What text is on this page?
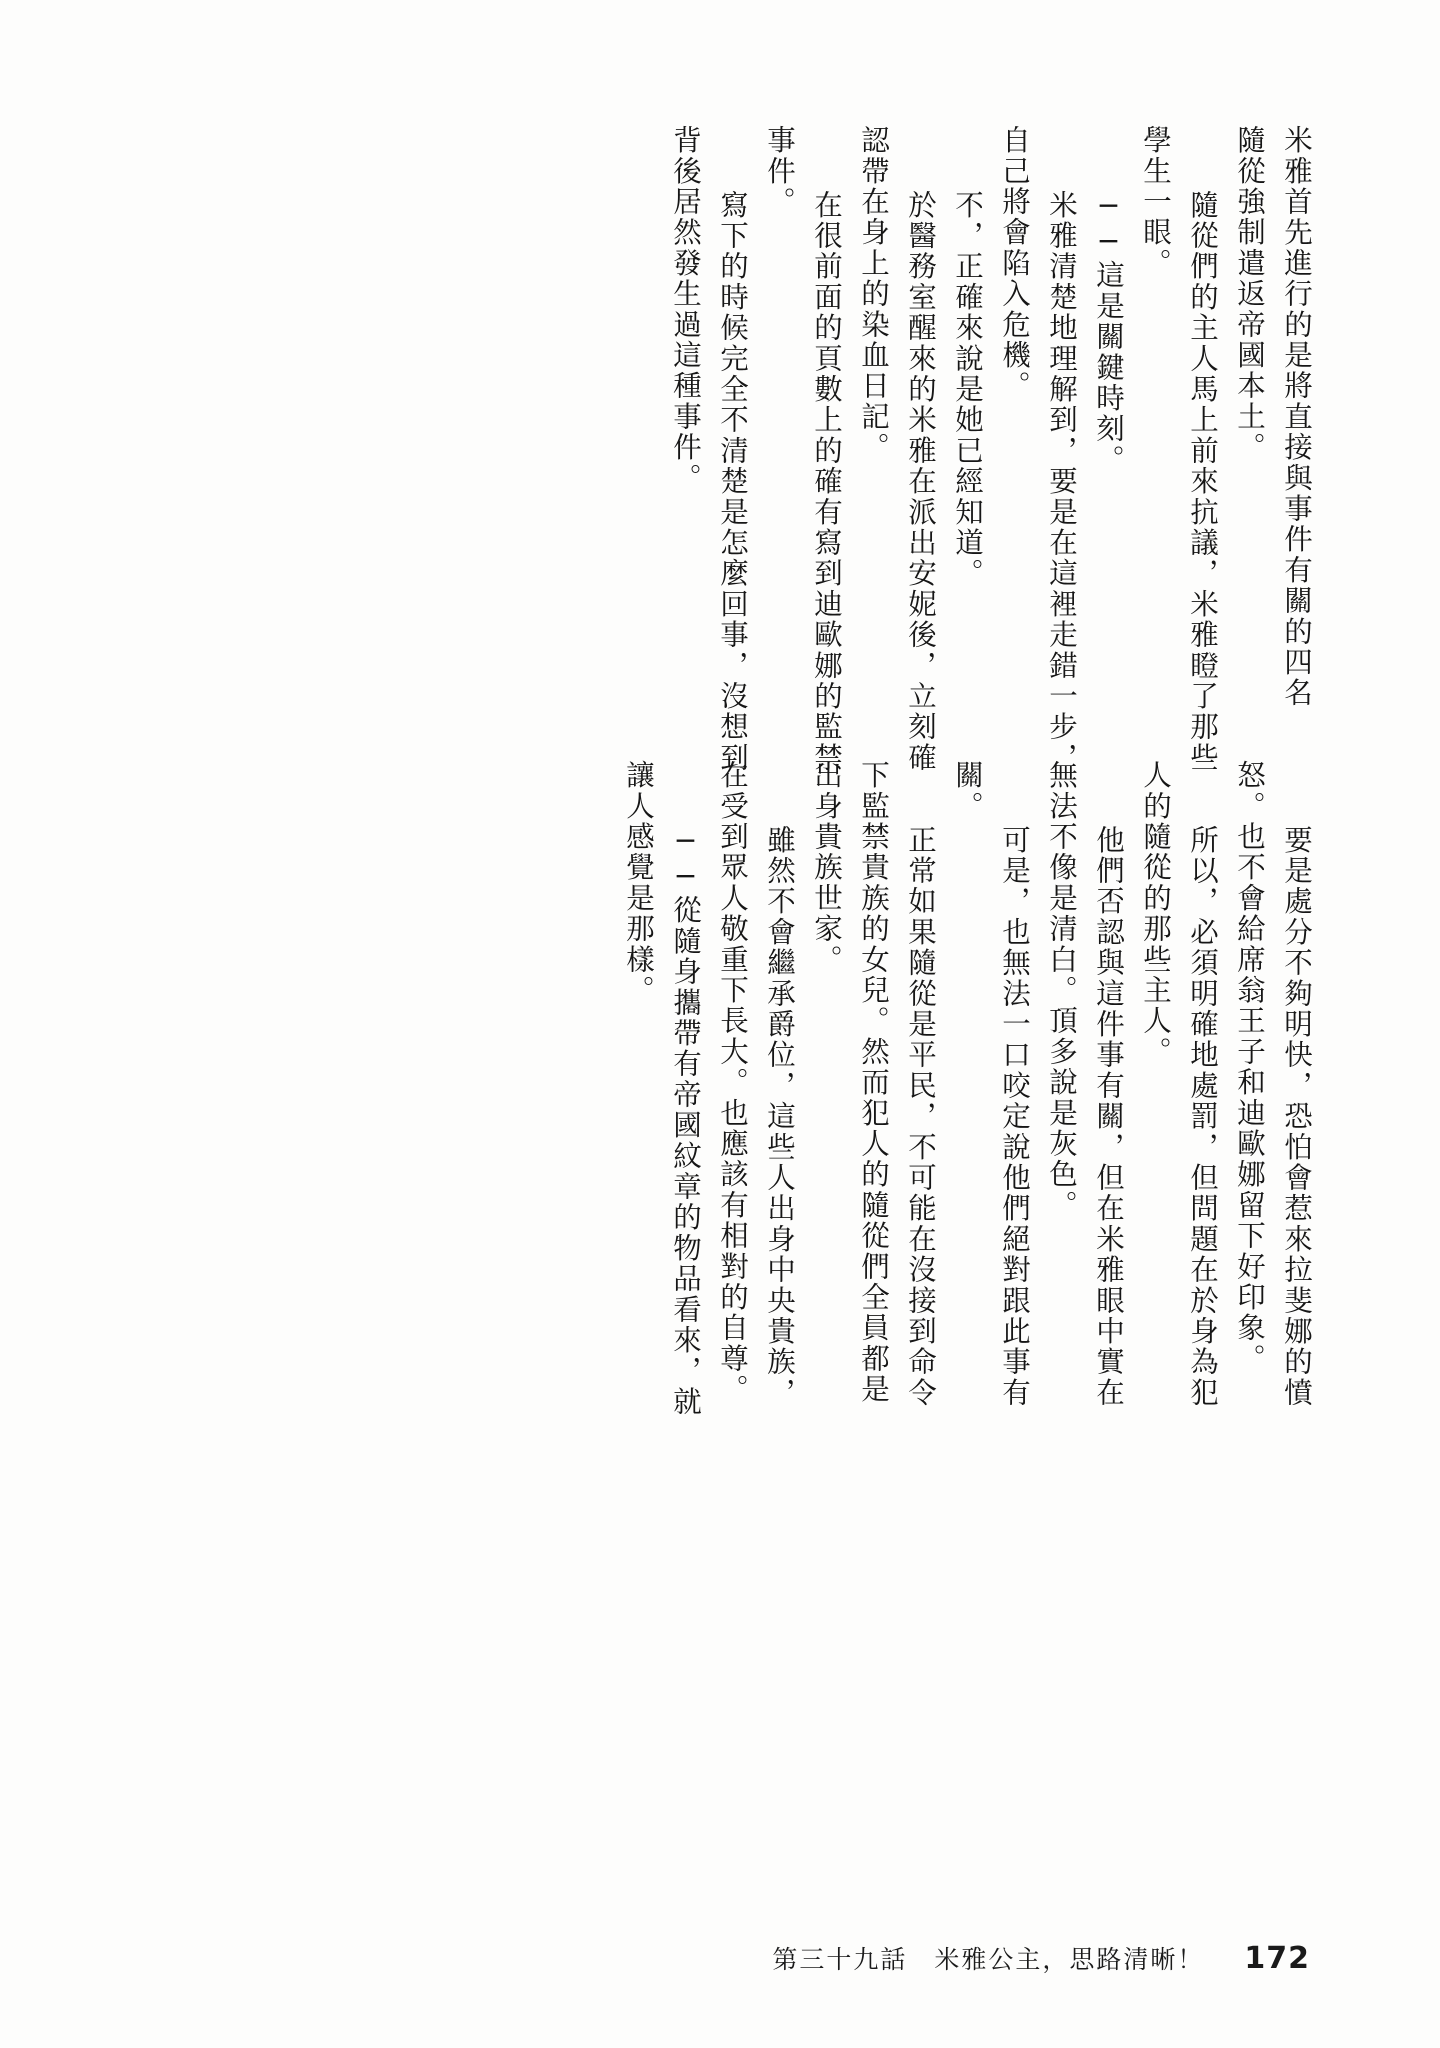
米雅首先進行的是將直接與事件有關的四名
隨從強制遣返帝國本土。
　隨從們的主人馬上前來抗議，米雅瞪了那些
學生一眼。
　──這是關鍵時刻。
　米雅清楚地理解到，要是在這裡走錯一步，
自己將會陷入危機。
　不，正確來說是她已經知道。
　於醫務室醒來的米雅在派出安妮後，立刻確
認帶在身上的染血日記。
　在很前面的頁數上的確有寫到迪歐娜的監禁
事件。
　寫下的時候完全不清楚是怎麼回事，沒想到
背後居然發生過這種事件。
　要是處分不夠明快，恐怕會惹來拉斐娜的憤
怒。也不會給席翁王子和迪歐娜留下好印象。
　所以，必須明確地處罰，但問題在於身為犯
人的隨從的那些主人。
　他們否認與這件事有關，但在米雅眼中實在
無法不像是清白。頂多說是灰色。
　可是，也無法一口咬定說他們絕對跟此事有
關。
　正常如果隨從是平民，不可能在沒接到命令
下監禁貴族的女兒。然而犯人的隨從們全員都是
出身貴族世家。
　雖然不會繼承爵位，這些人出身中央貴族，
在受到眾人敬重下長大。也應該有相對的自尊。
　──從隨身攜帶有帝國紋章的物品看來，就
讓人感覺是那樣。
第三十九話　米雅公主，思路清晰！ 172
